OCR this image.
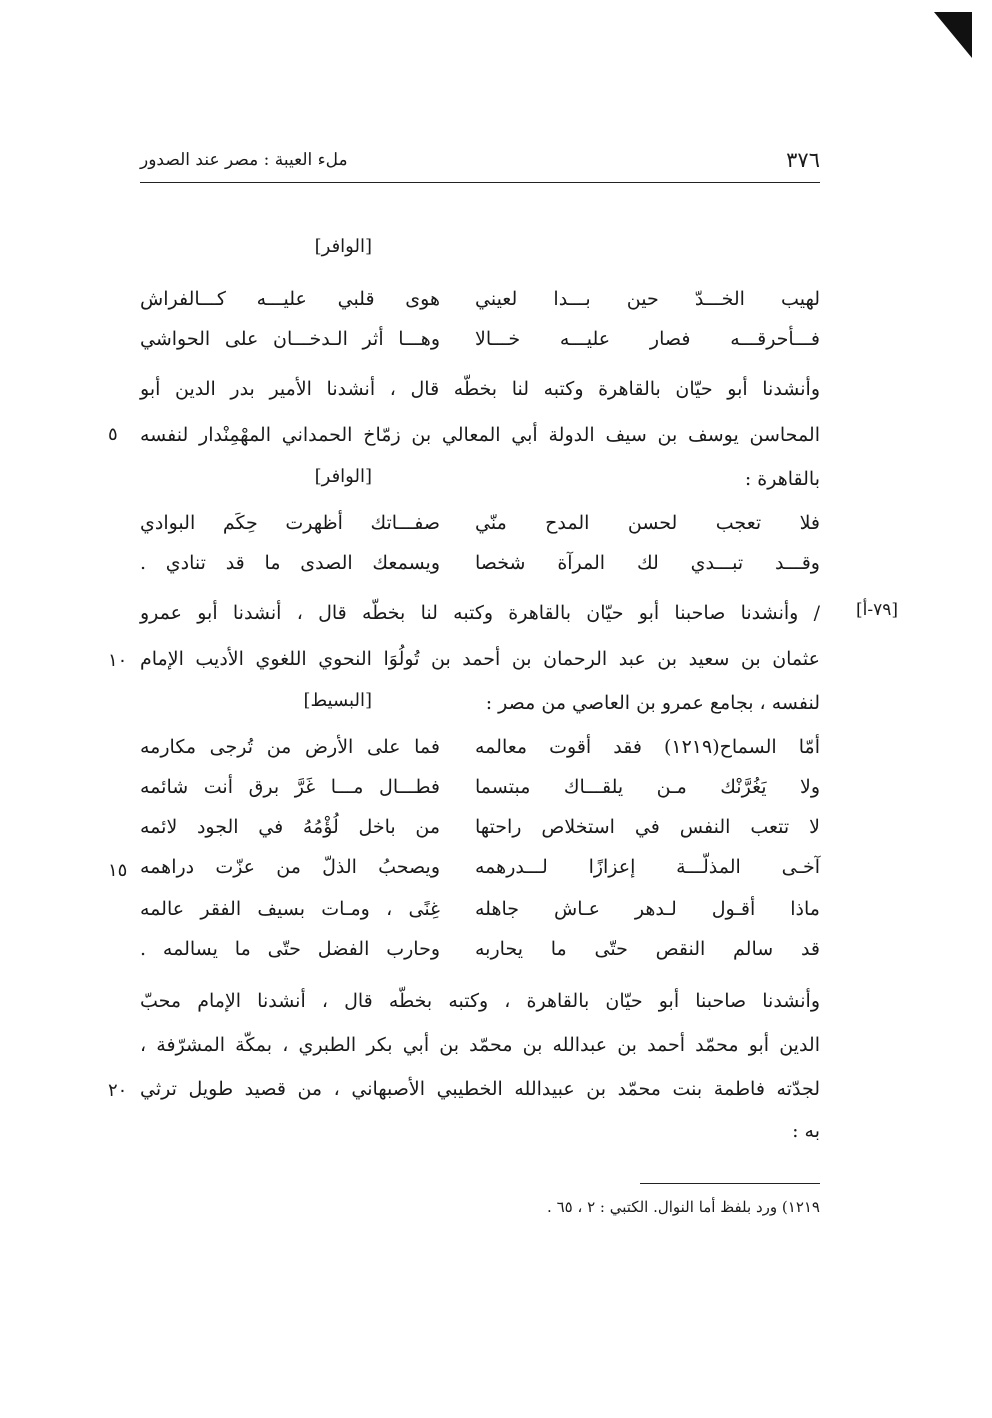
٣٧٦
ملء العيبة : مصر عند الصدور
[الوافر]
لهيب الخـــدّ حين بـــدا لعيني
هوى قلبي عليـــه كـــالفراش
فـــأحرقـــه فصار عليـــه خـــالا
وهـــا أثر الـدخـــان على الحواشي
وأنشدنا أبو حيّان بالقاهرة وكتبه لنا بخطّه قال ، أنشدنا الأمير بدر الدين أبو
المحاسن يوسف بن سيف الدولة أبي المعالي بن زمّاخ الحمداني المهْمِنْدار لنفسه
٥
بالقاهرة :
[الوافر]
فلا تعجب لحسن المدح منّي
صفـــاتك أظهرت حِكَم البوادي
وقـــد تبـــدي لك المرآة شخصا
ويسمعك الصدى ما قد تنادي .
[٧٩-أ]
/ وأنشدنا صاحبنا أبو حيّان بالقاهرة وكتبه لنا بخطّه قال ، أنشدنا أبو عمرو
عثمان بن سعيد بن عبد الرحمان بن أحمد بن تُولُوَا النحوي اللغوي الأديب الإمام
١٠
لنفسه ، بجامع عمرو بن العاصي من مصر :
[البسيط]
أمّا السماح(١٢١٩) فقد أقوت معالمه
فما على الأرض من تُرجى مكارمه
ولا يَغُرَّنْك مـن يلقـــاك مبتسما
فطـــال مـــا غَرَّ برق أنت شائمه
لا تتعب النفس في استخلاص راحتها
من باخل لُؤْمُهُ في الجود لائمه
آخـى المذلّـــة إعزازًا لـــدرهمه
ويصحبُ الذلّ من عزّت دراهمه
١٥
ماذا أقـول لـدهر عـاش جاهله
غِنًى ، ومـات بسيف الفقر عالمه
قد سالم النقص حتّى ما يحاربه
وحارب الفضل حتّى ما يسالمه .
وأنشدنا صاحبنا أبو حيّان بالقاهرة ، وكتبه بخطّه قال ، أنشدنا الإمام محبّ
الدين أبو محمّد أحمد بن عبدالله بن محمّد بن أبي بكر الطبري ، بمكّة المشرّفة ،
لجدّته فاطمة بنت محمّد بن عبيدالله الخطيبي الأصبهاني ، من قصيد طويل ترثي
٢٠
به :
١٢١٩) ورد بلفظ أما النوال. الكتبي : ٢ ، ٦٥ .
